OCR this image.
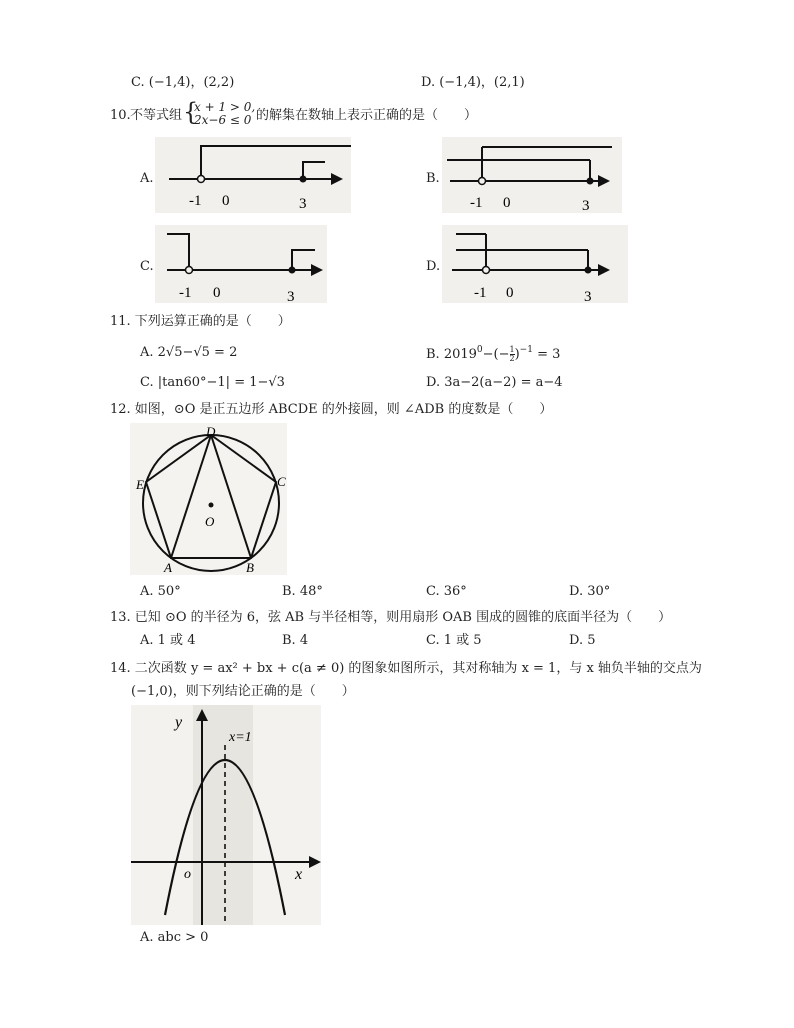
C. (−1,4)，(2,2)	D. (−1,4)，(2,1)
10. 不等式组 {
x + 1 > 0,
2x−6 ≤ 0 的解集在数轴上表示正确的是（　　）
A.
-1 0	3
B.
-1 0	3
C.
-1 0	3
D.
-1 0	3
11. 下列运算正确的是（　　）
A. 2√5−√5 = 2	B. $2019^0-(- \frac{1}{2} )^{-1} = 3$
C. |tan60°−1| = 1−√3	D. 3a−2(a−2) = a−4
12. 如图，⊙O 是正五边形 ABCDE 的外接圆，则 ∠ADB 的度数是（　　）
D
C
E
O
A	B
A. 50°	B. 48°	C. 36°	D. 30°
13. 已知 ⊙O 的半径为 6，弦 AB 与半径相等，则用扇形 OAB 围成的圆锥的底面半径为（　　）
A. 1 或 4	B. 4	C. 1 或 5	D. 5
14. 二次函数 y = ax² + bx + c(a ≠ 0) 的图象如图所示，其对称轴为 x = 1，与 x 轴负半轴的交点为
(−1,0)，则下列结论正确的是（　　）
y
x
o
x=1
A. abc > 0
